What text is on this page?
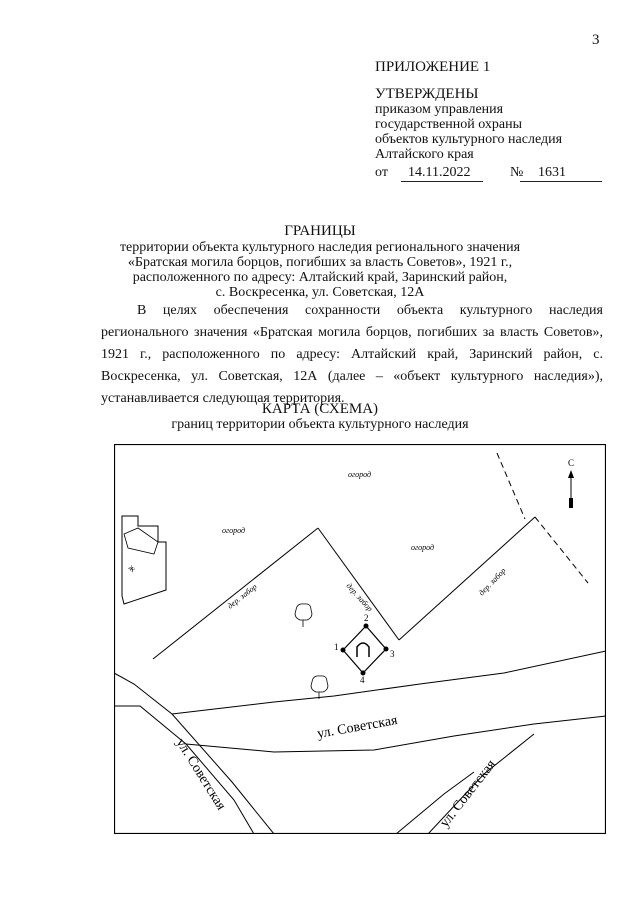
3
ПРИЛОЖЕНИЕ 1
УТВЕРЖДЕНЫ
приказом управления
государственной охраны
объектов культурного наследия
Алтайского края
от 14.11.2022	№ 1631
ГРАНИЦЫ
территории объекта культурного наследия регионального значения
«Братская могила борцов, погибших за власть Советов», 1921 г.,
расположенного по адресу: Алтайский край, Заринский район,
с. Воскресенка, ул. Советская, 12А
В целях обеспечения сохранности объекта культурного наследия регионального значения «Братская могила борцов, погибших за власть Советов», 1921 г., расположенного по адресу: Алтайский край, Заринский район, с. Воскресенка, ул. Советская, 12А (далее – «объект культурного наследия»), устанавливается следующая территория.
КАРТА (СХЕМА)
границ территории объекта культурного наследия
ж
1
2
3
4
С
огород
огород
огород
дер. забор	дер. забор	дер. забор
ул. Советская
ул. Советская	ул. Советская
